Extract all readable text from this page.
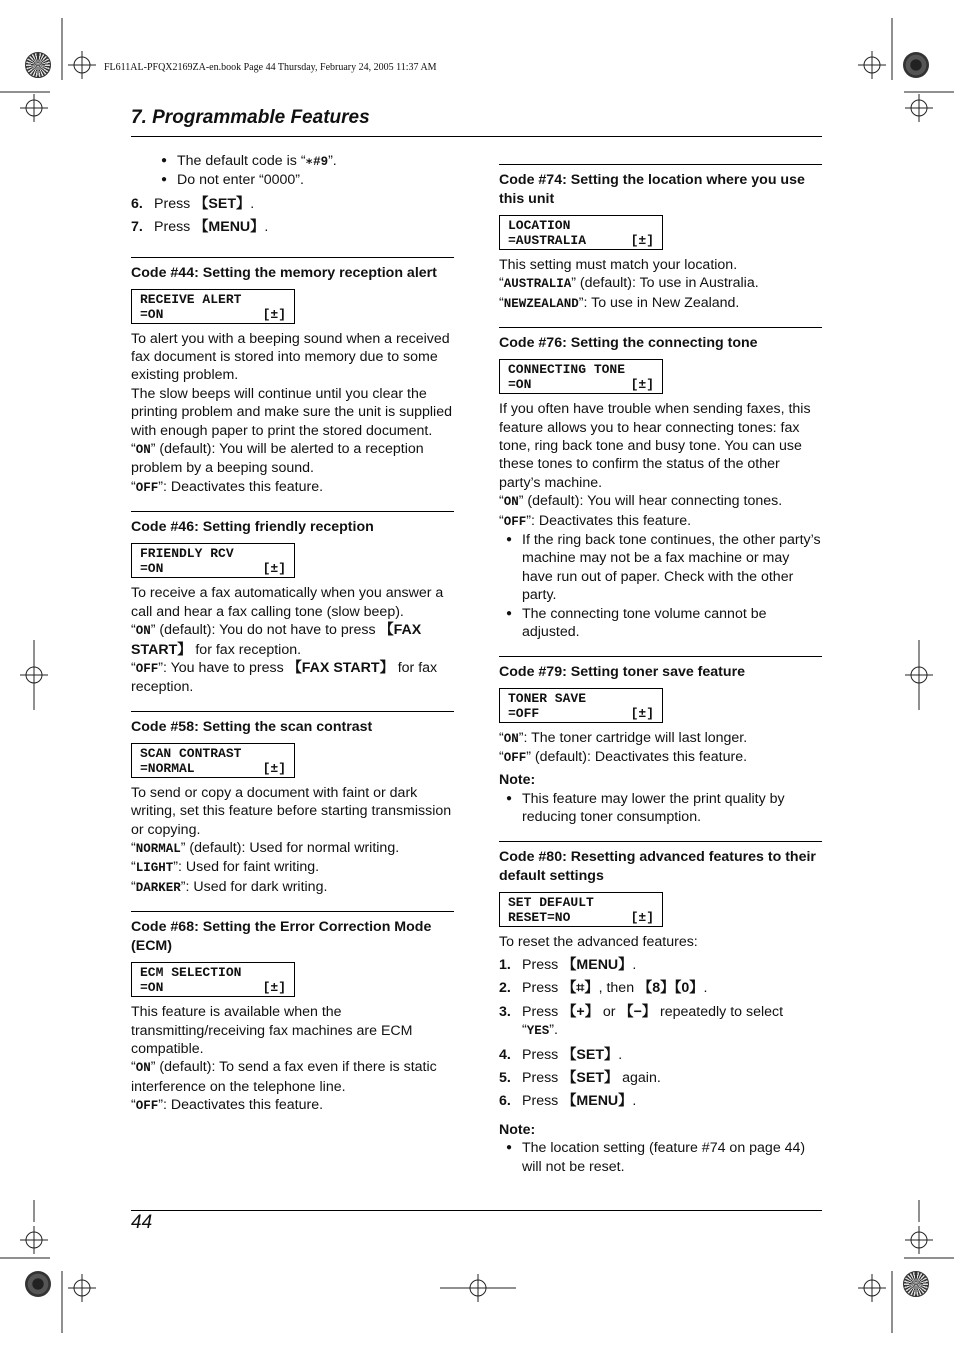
FL611AL-PFQX2169ZA-en.book Page 44 Thursday, February 24, 2005 11:37 AM
7. Programmable Features
● The default code is “∗#9”.
● Do not enter “0000”.
6. Press 【SET】.
7. Press 【MENU】.
Code #44: Setting the memory reception alert
RECEIVE ALERT
=ON	[±]

To alert you with a beeping sound when a received fax document is stored into memory due to some existing problem.

The slow beeps will continue until you clear the printing problem and make sure the unit is supplied with enough paper to print the stored document.

“ON” (default): You will be alerted to a reception problem by a beeping sound.

“OFF”: Deactivates this feature.

Code #46: Setting friendly reception
FRIENDLY RCV
=ON	[±]

To receive a fax automatically when you answer a call and hear a fax calling tone (slow beep).

“ON” (default): You do not have to press 【FAX START】 for fax reception.

“OFF”: You have to press 【FAX START】 for fax reception.

Code #58: Setting the scan contrast
SCAN CONTRAST
=NORMAL	[±]

To send or copy a document with faint or dark writing, set this feature before starting transmission or copying.

“NORMAL” (default): Used for normal writing.

“LIGHT”: Used for faint writing.

“DARKER”: Used for dark writing.

Code #68: Setting the Error Correction Mode (ECM)
ECM SELECTION
=ON	[±]

This feature is available when the transmitting/receiving fax machines are ECM compatible.

“ON” (default): To send a fax even if there is static interference on the telephone line.

“OFF”: Deactivates this feature.

Code #74: Setting the location where you use this unit
LOCATION
=AUSTRALIA	[±]

This setting must match your location.

“AUSTRALIA” (default): To use in Australia.

“NEWZEALAND”: To use in New Zealand.

Code #76: Setting the connecting tone
CONNECTING TONE
=ON	[±]

If you often have trouble when sending faxes, this feature allows you to hear connecting tones: fax tone, ring back tone and busy tone. You can use these tones to confirm the status of the other party’s machine.

“ON” (default): You will hear connecting tones.

“OFF”: Deactivates this feature.

● If the ring back tone continues, the other party’s machine may not be a fax machine or may have run out of paper. Check with the other party.
● The connecting tone volume cannot be adjusted.
Code #79: Setting toner save feature
TONER SAVE
=OFF	[±]

“ON”: The toner cartridge will last longer.

“OFF” (default): Deactivates this feature.

Note:

● This feature may lower the print quality by reducing toner consumption.
Code #80: Resetting advanced features to their default settings
SET DEFAULT
RESET=NO	[±]

To reset the advanced features:

1. Press 【MENU】.
2. Press 【⌗】, then 【8】【0】.
3. Press 【+】 or 【−】 repeatedly to select “YES”.
4. Press 【SET】.
5. Press 【SET】 again.
6. Press 【MENU】.

Note:

● The location setting (feature #74 on page 44) will not be reset.
44
